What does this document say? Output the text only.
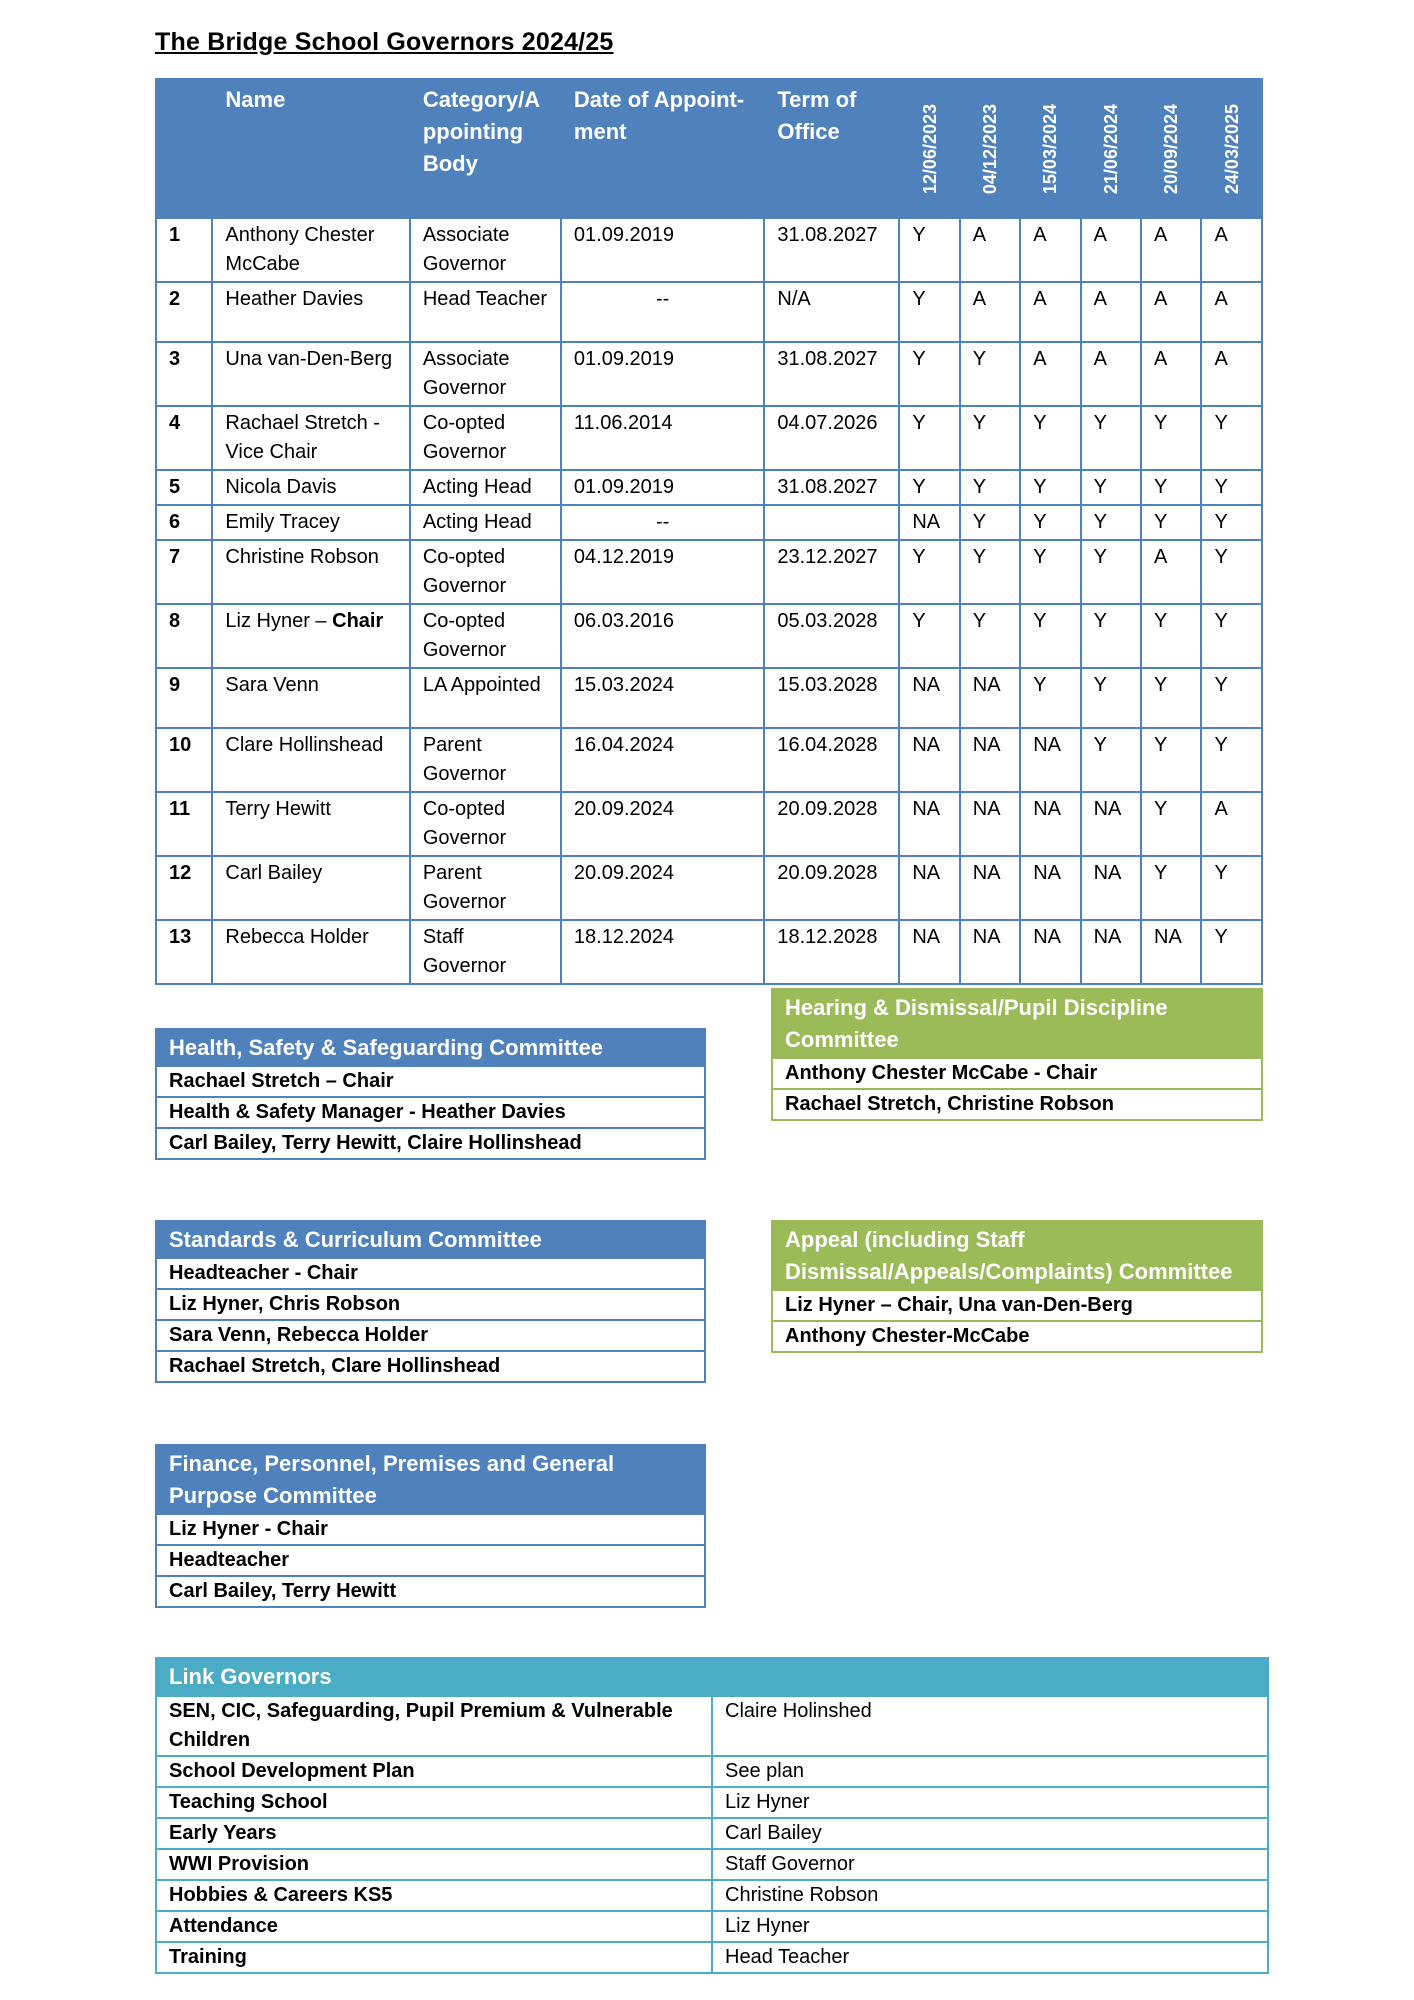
The Bridge School Governors 2024/25
	Name	Category/A ppointing Body	Date of Appoint-ment	Term of Office	12/06/2023	04/12/2023	15/03/2024	21/06/2024	20/09/2024	24/03/2025
1	Anthony Chester McCabe	Associate Governor	01.09.2019	31.08.2027	Y	A	A	A	A	A
2	Heather Davies	Head Teacher	--	N/A	Y	A	A	A	A	A
3	Una van-Den-Berg	Associate Governor	01.09.2019	31.08.2027	Y	Y	A	A	A	A
4	Rachael Stretch - Vice Chair	Co-opted Governor	11.06.2014	04.07.2026	Y	Y	Y	Y	Y	Y
5	Nicola Davis	Acting Head	01.09.2019	31.08.2027	Y	Y	Y	Y	Y	Y
6	Emily Tracey	Acting Head	--		NA	Y	Y	Y	Y	Y
7	Christine Robson	Co-opted Governor	04.12.2019	23.12.2027	Y	Y	Y	Y	A	Y
8	Liz Hyner – Chair	Co-opted Governor	06.03.2016	05.03.2028	Y	Y	Y	Y	Y	Y
9	Sara Venn	LA Appointed	15.03.2024	15.03.2028	NA	NA	Y	Y	Y	Y
10	Clare Hollinshead	Parent Governor	16.04.2024	16.04.2028	NA	NA	NA	Y	Y	Y
11	Terry Hewitt	Co-opted Governor	20.09.2024	20.09.2028	NA	NA	NA	NA	Y	A
12	Carl Bailey	Parent Governor	20.09.2024	20.09.2028	NA	NA	NA	NA	Y	Y
13	Rebecca Holder	Staff Governor	18.12.2024	18.12.2028	NA	NA	NA	NA	NA	Y
Health, Safety & Safeguarding Committee
Rachael Stretch – Chair
Health & Safety Manager - Heather Davies
Carl Bailey, Terry Hewitt, Claire Hollinshead
Hearing & Dismissal/Pupil Discipline Committee
Anthony Chester McCabe - Chair
Rachael Stretch, Christine Robson
Standards & Curriculum Committee
Headteacher - Chair
Liz Hyner, Chris Robson
Sara Venn, Rebecca Holder
Rachael Stretch, Clare Hollinshead
Appeal (including Staff Dismissal/Appeals/Complaints) Committee
Liz Hyner – Chair, Una van-Den-Berg
Anthony Chester-McCabe
Finance, Personnel, Premises and General Purpose Committee
Liz Hyner - Chair
Headteacher
Carl Bailey, Terry Hewitt
Link Governors	
SEN, CIC, Safeguarding, Pupil Premium & Vulnerable Children	Claire Holinshed
School Development Plan	See plan
Teaching School	Liz Hyner
Early Years	Carl Bailey
WWI Provision	Staff Governor
Hobbies & Careers KS5	Christine Robson
Attendance	Liz Hyner
Training	Head Teacher
